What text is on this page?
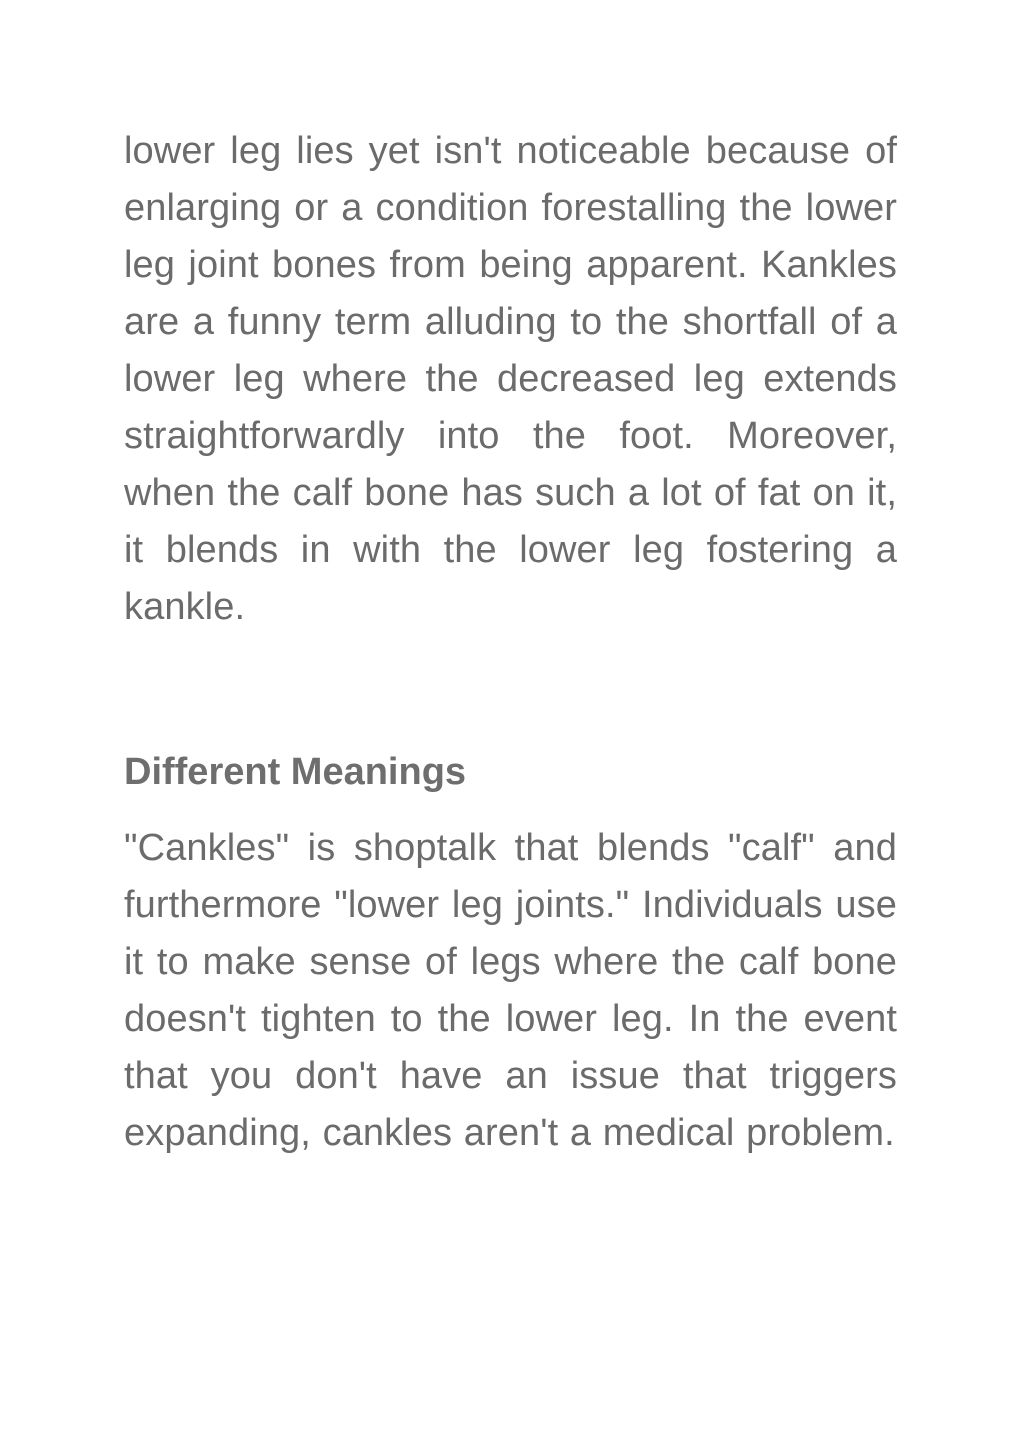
lower leg lies yet isn't noticeable because of enlarging or a condition forestalling the lower leg joint bones from being apparent. Kankles are a funny term alluding to the shortfall of a lower leg where the decreased leg extends straightforwardly into the foot. Moreover, when the calf bone has such a lot of fat on it, it blends in with the lower leg fostering a kankle.

Different Meanings

"Cankles" is shoptalk that blends "calf" and furthermore "lower leg joints." Individuals use it to make sense of legs where the calf bone doesn't tighten to the lower leg. In the event that you don't have an issue that triggers expanding, cankles aren't a medical problem.
